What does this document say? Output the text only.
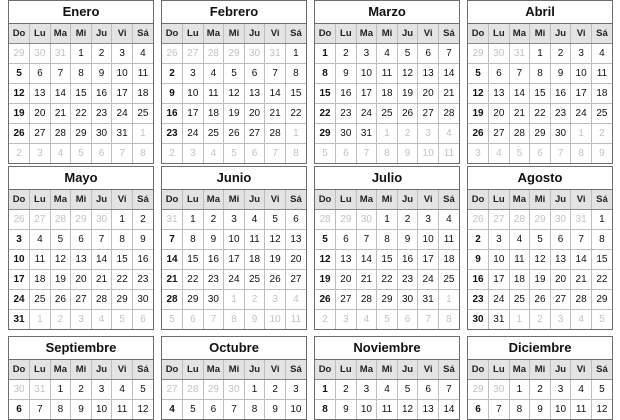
Enero
Do	Lu	Ma	Mi	Ju	Vi	Sá
29	30	31	1	2	3	4
5	6	7	8	9	10	11
12	13	14	15	16	17	18
19	20	21	22	23	24	25
26	27	28	29	30	31	1
2	3	4	5	6	7	8
Febrero
Do	Lu	Ma	Mi	Ju	Vi	Sá
26	27	28	29	30	31	1
2	3	4	5	6	7	8
9	10	11	12	13	14	15
16	17	18	19	20	21	22
23	24	25	26	27	28	1
2	3	4	5	6	7	8
Marzo
Do	Lu	Ma	Mi	Ju	Vi	Sá
1	2	3	4	5	6	7
8	9	10	11	12	13	14
15	16	17	18	19	20	21
22	23	24	25	26	27	28
29	30	31	1	2	3	4
5	6	7	8	9	10	11
Abril
Do	Lu	Ma	Mi	Ju	Vi	Sá
29	30	31	1	2	3	4
5	6	7	8	9	10	11
12	13	14	15	16	17	18
19	20	21	22	23	24	25
26	27	28	29	30	1	2
3	4	5	6	7	8	9
Mayo
Do	Lu	Ma	Mi	Ju	Vi	Sá
26	27	28	29	30	1	2
3	4	5	6	7	8	9
10	11	12	13	14	15	16
17	18	19	20	21	22	23
24	25	26	27	28	29	30
31	1	2	3	4	5	6
Junio
Do	Lu	Ma	Mi	Ju	Vi	Sá
31	1	2	3	4	5	6
7	8	9	10	11	12	13
14	15	16	17	18	19	20
21	22	23	24	25	26	27
28	29	30	1	2	3	4
5	6	7	8	9	10	11
Julio
Do	Lu	Ma	Mi	Ju	Vi	Sá
28	29	30	1	2	3	4
5	6	7	8	9	10	11
12	13	14	15	16	17	18
19	20	21	22	23	24	25
26	27	28	29	30	31	1
2	3	4	5	6	7	8
Agosto
Do	Lu	Ma	Mi	Ju	Vi	Sá
26	27	28	29	30	31	1
2	3	4	5	6	7	8
9	10	11	12	13	14	15
16	17	18	19	20	21	22
23	24	25	26	27	28	29
30	31	1	2	3	4	5
Septiembre
Do	Lu	Ma	Mi	Ju	Vi	Sá
30	31	1	2	3	4	5
6	7	8	9	10	11	12
Octubre
Do	Lu	Ma	Mi	Ju	Vi	Sá
27	28	29	30	1	2	3
4	5	6	7	8	9	10
Noviembre
Do	Lu	Ma	Mi	Ju	Vi	Sá
1	2	3	4	5	6	7
8	9	10	11	12	13	14
Diciembre
Do	Lu	Ma	Mi	Ju	Vi	Sá
29	30	1	2	3	4	5
6	7	8	9	10	11	12
